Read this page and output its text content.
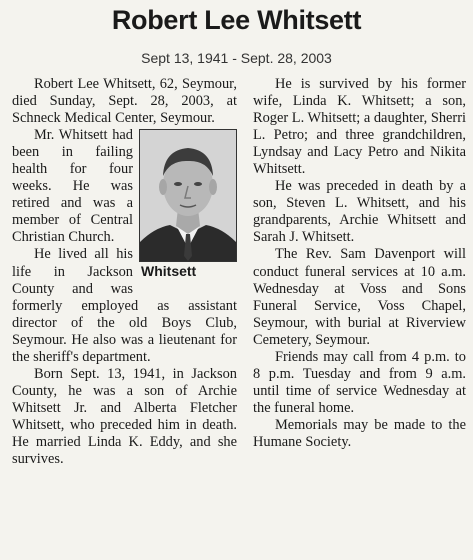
Robert Lee Whitsett
Sept 13, 1941 - Sept. 28, 2003

Robert Lee Whitsett, 62, Seymour, died Sunday, Sept. 28, 2003, at Schneck Medical Center, Seymour.

Whitsett

Mr. Whitsett had been in failing health for four weeks. He was retired and was a member of Central Christian Church.

He lived all his life in Jackson County and was formerly employed as assistant director of the old Boys Club, Seymour. He also was a lieutenant for the sheriff's department.

Born Sept. 13, 1941, in Jackson County, he was a son of Archie Whitsett Jr. and Alberta Fletcher Whitsett, who preceded him in death. He married Linda K. Eddy, and she survives.

He is survived by his former wife, Linda K. Whitsett; a son, Roger L. Whitsett; a daughter, Sherri L. Petro; and three grandchildren, Lyndsay and Lacy Petro and Nikita Whitsett.

He was preceded in death by a son, Steven L. Whitsett, and his grandparents, Archie Whitsett and Sarah J. Whitsett.

The Rev. Sam Davenport will conduct funeral services at 10 a.m. Wednesday at Voss and Sons Funeral Service, Voss Chapel, Seymour, with burial at Riverview Cemetery, Seymour.

Friends may call from 4 p.m. to 8 p.m. Tuesday and from 9 a.m. until time of service Wednesday at the funeral home.

Memorials may be made to the Humane Society.
